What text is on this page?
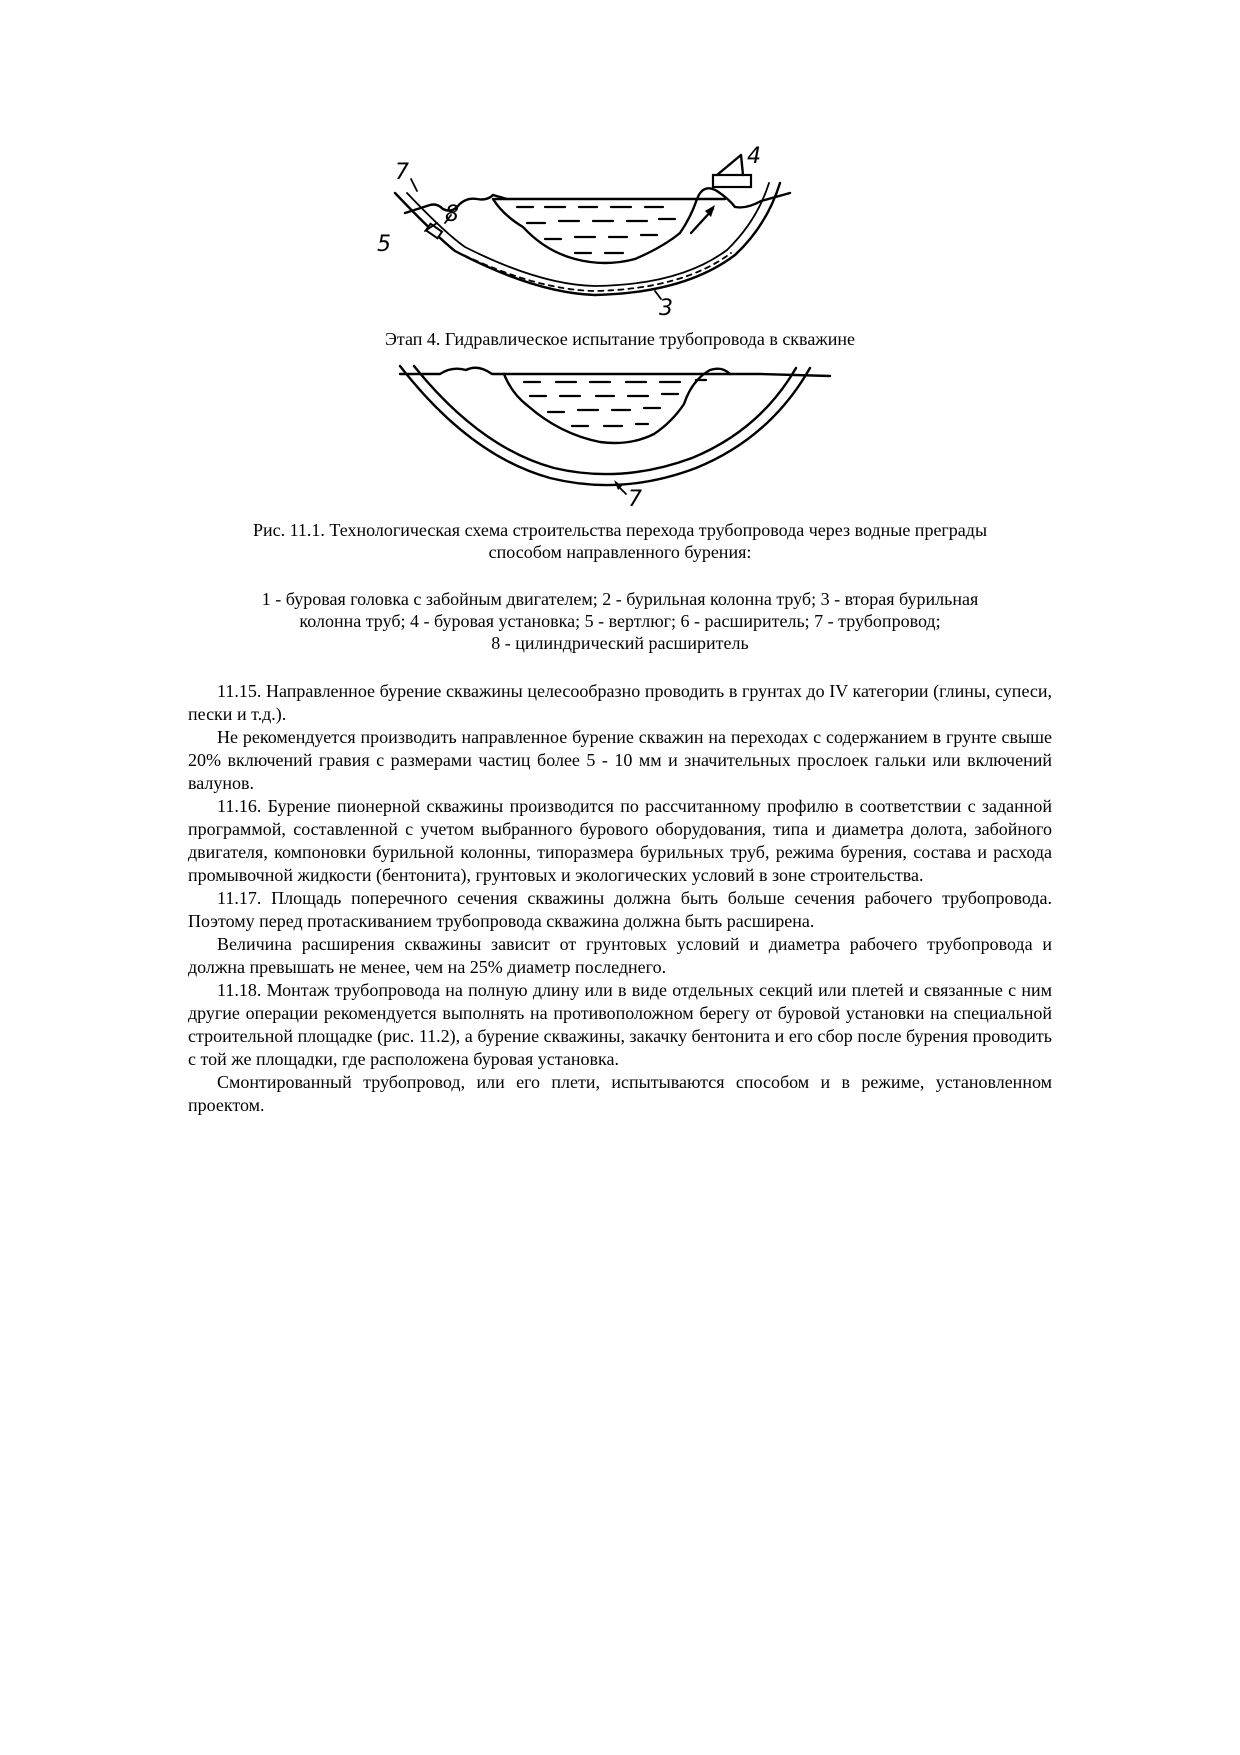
7
4
5
8
3
Этап 4. Гидравлическое испытание трубопровода в скважине
7
Рис. 11.1. Технологическая схема строительства перехода трубопровода через водные преграды
способом направленного бурения:
1 - буровая головка с забойным двигателем; 2 - бурильная колонна труб; 3 - вторая бурильная
колонна труб; 4 - буровая установка; 5 - вертлюг; 6 - расширитель; 7 - трубопровод;
8 - цилиндрический расширитель

11.15. Направленное бурение скважины целесообразно проводить в грунтах до IV категории (глины, супеси, пески и т.д.).

Не рекомендуется производить направленное бурение скважин на переходах с содержанием в грунте свыше 20% включений гравия с размерами частиц более 5 - 10 мм и значительных прослоек гальки или включений валунов.

11.16. Бурение пионерной скважины производится по рассчитанному профилю в соответствии с заданной программой, составленной с учетом выбранного бурового оборудования, типа и диаметра долота, забойного двигателя, компоновки бурильной колонны, типоразмера бурильных труб, режима бурения, состава и расхода промывочной жидкости (бентонита), грунтовых и экологических условий в зоне строительства.

11.17. Площадь поперечного сечения скважины должна быть больше сечения рабочего трубопровода. Поэтому перед протаскиванием трубопровода скважина должна быть расширена.

Величина расширения скважины зависит от грунтовых условий и диаметра рабочего трубопровода и должна превышать не менее, чем на 25% диаметр последнего.

11.18. Монтаж трубопровода на полную длину или в виде отдельных секций или плетей и связанные с ним другие операции рекомендуется выполнять на противоположном берегу от буровой установки на специальной строительной площадке (рис. 11.2), а бурение скважины, закачку бентонита и его сбор после бурения проводить с той же площадки, где расположена буровая установка.

Смонтированный трубопровод, или его плети, испытываются способом и в режиме, установленном проектом.
